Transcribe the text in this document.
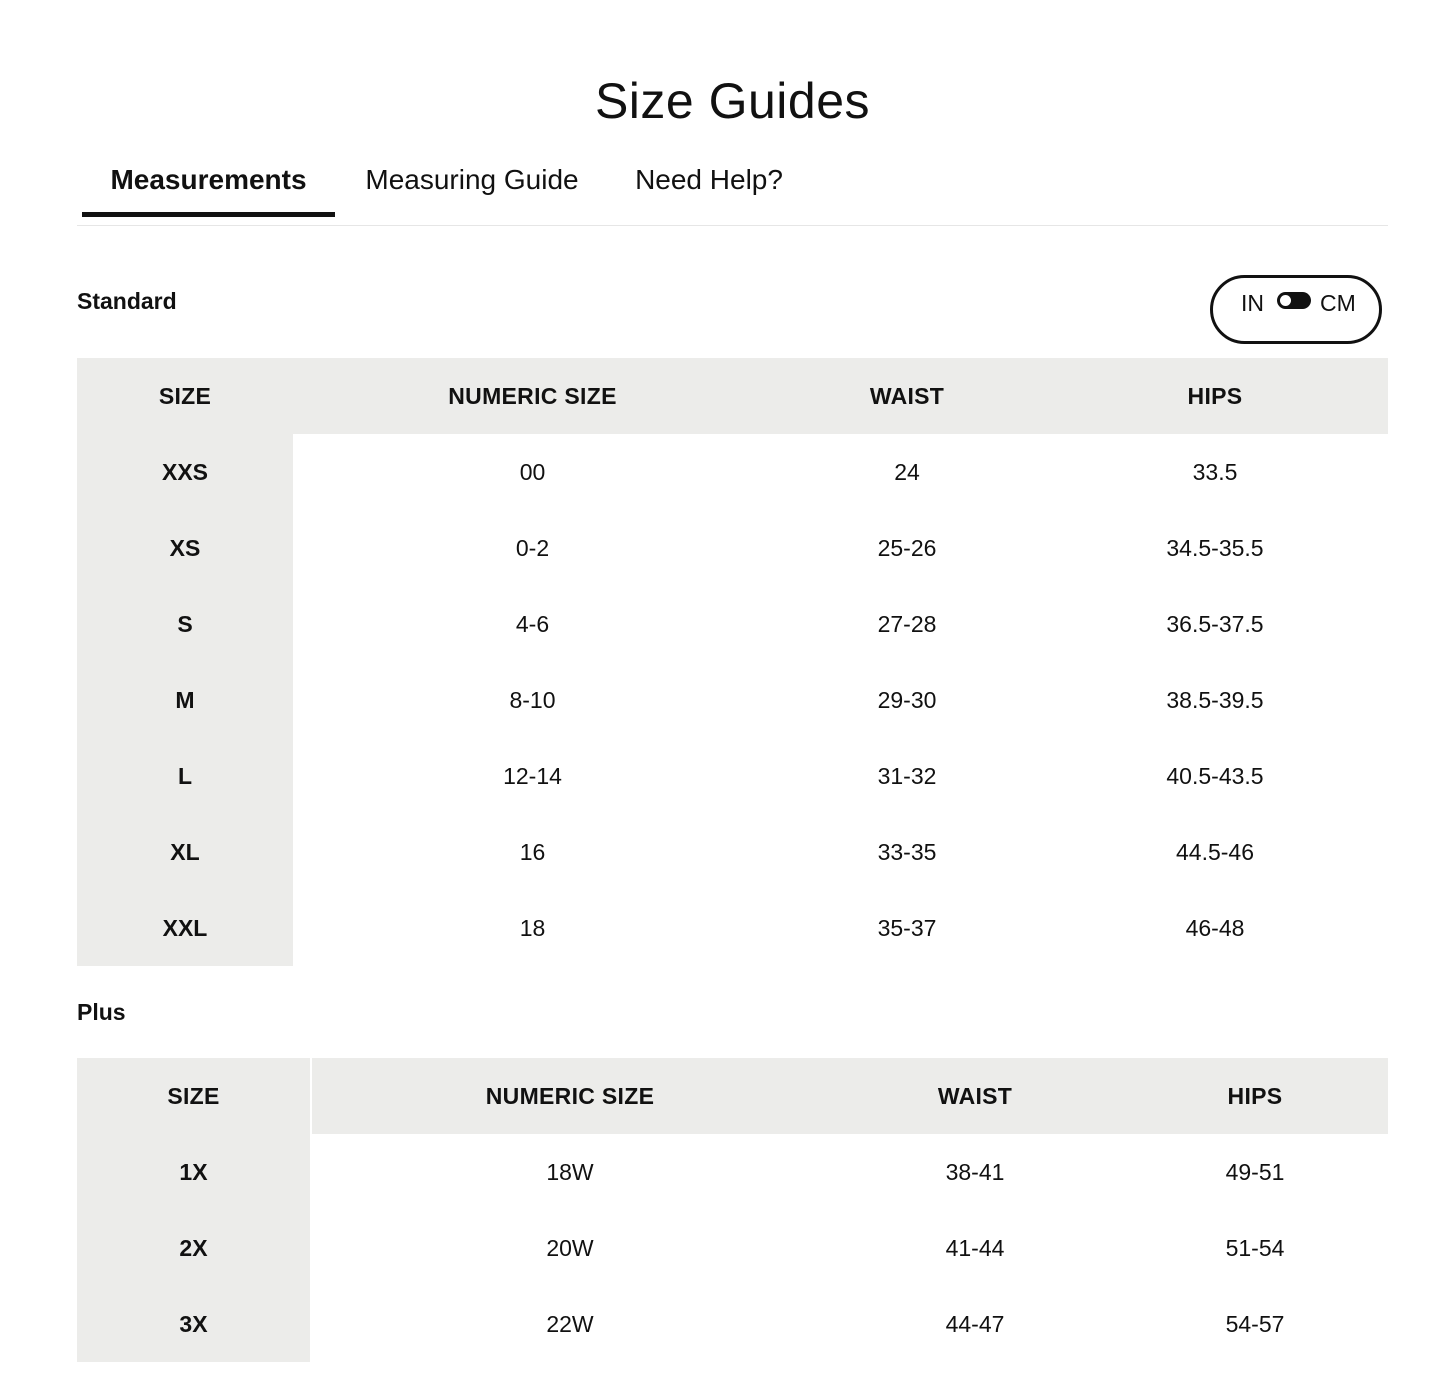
Size Guides
Measurements	Measuring Guide Need Help?
Standard	IN CM
SIZE	NUMERIC SIZE	WAIST	HIPS
XXS	00	24	33.5
XS	0-2	25-26	34.5-35.5
S	4-6	27-28	36.5-37.5
M	8-10	29-30	38.5-39.5
L	12-14	31-32	40.5-43.5
XL	16	33-35	44.5-46
XXL	18	35-37	46-48
Plus
SIZE	NUMERIC SIZE	WAIST	HIPS
1X	18W	38-41	49-51
2X	20W	41-44	51-54
3X	22W	44-47	54-57
